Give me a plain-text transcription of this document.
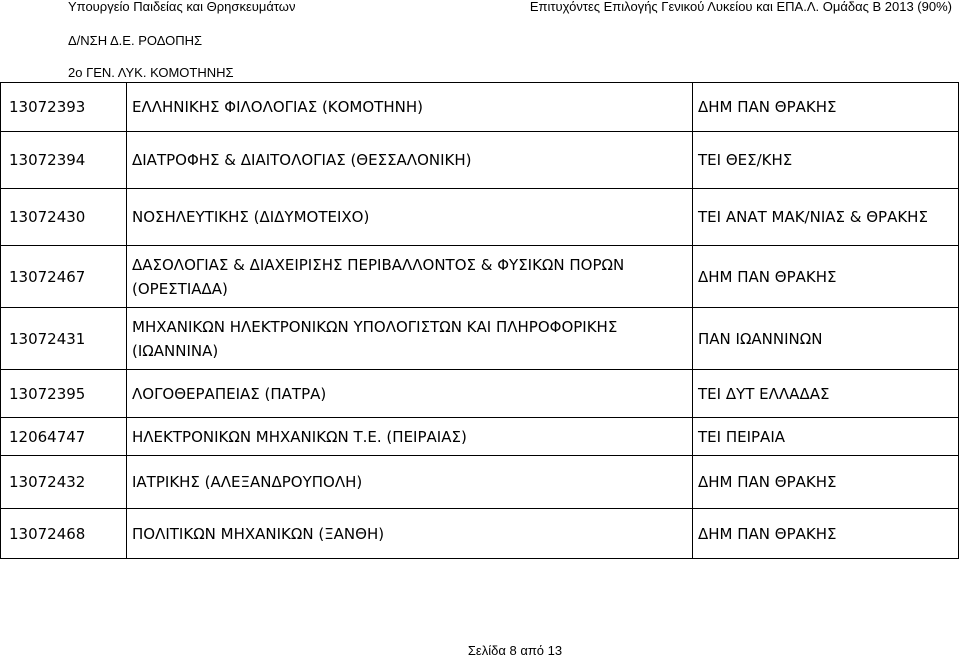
Υπουργείο Παιδείας και Θρησκευμάτων	Επιτυχόντες Επιλογής Γενικού Λυκείου και ΕΠΑ.Λ. Ομάδας Β 2013 (90%)
Δ/ΝΣΗ Δ.Ε. ΡΟΔΟΠΗΣ
2ο ΓΕΝ. ΛΥΚ. ΚΟΜΟΤΗΝΗΣ
13072393	ΕΛΛΗΝΙΚΗΣ ΦΙΛΟΛΟΓΙΑΣ (ΚΟΜΟΤΗΝΗ)	ΔΗΜ ΠΑΝ ΘΡΑΚΗΣ
13072394	ΔΙΑΤΡΟΦΗΣ & ΔΙΑΙΤΟΛΟΓΙΑΣ (ΘΕΣΣΑΛΟΝΙΚΗ)	ΤΕΙ ΘΕΣ/ΚΗΣ
13072430	ΝΟΣΗΛΕΥΤΙΚΗΣ (ΔΙΔΥΜΟΤΕΙΧΟ)	ΤΕΙ ΑΝΑΤ ΜΑΚ/ΝΙΑΣ & ΘΡΑΚΗΣ
13072467	ΔΑΣΟΛΟΓΙΑΣ & ΔΙΑΧΕΙΡΙΣΗΣ ΠΕΡΙΒΑΛΛΟΝΤΟΣ & ΦΥΣΙΚΩΝ ΠΟΡΩΝ (ΟΡΕΣΤΙΑΔΑ)	ΔΗΜ ΠΑΝ ΘΡΑΚΗΣ
13072431	ΜΗΧΑΝΙΚΩΝ ΗΛΕΚΤΡΟΝΙΚΩΝ ΥΠΟΛΟΓΙΣΤΩΝ ΚΑΙ ΠΛΗΡΟΦΟΡΙΚΗΣ (ΙΩΑΝΝΙΝΑ)	ΠΑΝ ΙΩΑΝΝΙΝΩΝ
13072395	ΛΟΓΟΘΕΡΑΠΕΙΑΣ (ΠΑΤΡΑ)	ΤΕΙ ΔΥΤ ΕΛΛΑΔΑΣ
12064747	ΗΛΕΚΤΡΟΝΙΚΩΝ ΜΗΧΑΝΙΚΩΝ Τ.Ε. (ΠΕΙΡΑΙΑΣ)	ΤΕΙ ΠΕΙΡΑΙΑ
13072432	ΙΑΤΡΙΚΗΣ (ΑΛΕΞΑΝΔΡΟΥΠΟΛΗ)	ΔΗΜ ΠΑΝ ΘΡΑΚΗΣ
13072468	ΠΟΛΙΤΙΚΩΝ ΜΗΧΑΝΙΚΩΝ (ΞΑΝΘΗ)	ΔΗΜ ΠΑΝ ΘΡΑΚΗΣ
Σελίδα 8 από 13
